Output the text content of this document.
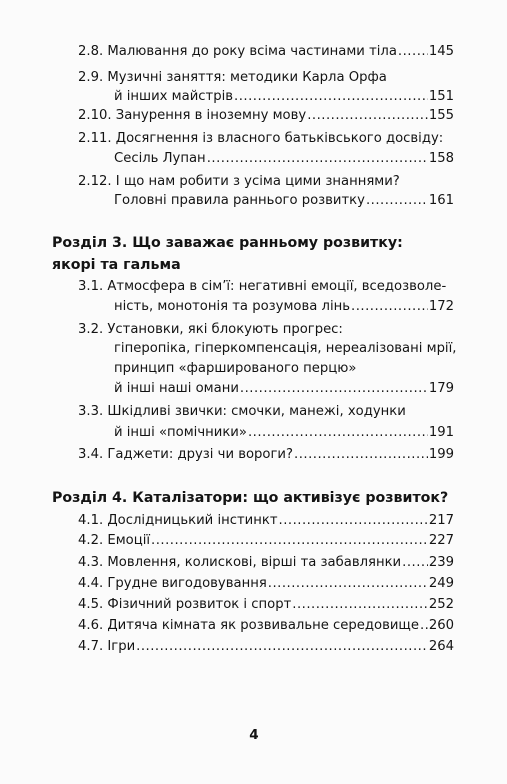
2.8. Малювання до року всіма частинами тіла ..... 145
2.9. Музичні заняття: методики Карла Орфа
й інших майстрів .....	151
2.10. Занурення в іноземну мову .....	155
2.11. Досягнення із власного батьківського досвіду:
Сесіль Лупан .....	158
2.12. І що нам робити з усіма цими знаннями?
Головні правила раннього розвитку .....	161
Розділ 3. Що заважає ранньому розвитку:
якорі та гальма
3.1. Атмосфера в сім’ї: негативні емоції, вседозволе-
ність, монотонія та розумова лінь .....	172
3.2. Установки, які блокують прогрес:
гіперопіка, гіперкомпенсація, нереалізовані мрії,
принцип «фаршированого перцю»
й інші наші омани .....	179
3.3. Шкідливі звички: смочки, манежі, ходунки
й інші «помічники» .....	191
3.4. Гаджети: друзі чи вороги? .....	199
Розділ 4. Каталізатори: що активізує розвиток?
4.1. Дослідницький інстинкт .....	217
4.2. Емоції .....	227
4.3. Мовлення, колискові, вірші та забавлянки ..... 239
4.4. Грудне вигодовування .....	249
4.5. Фізичний розвиток і спорт .....	252
4.6. Дитяча кімната як розвивальне середовище ..... 260
4.7. Ігри .....	264
4
